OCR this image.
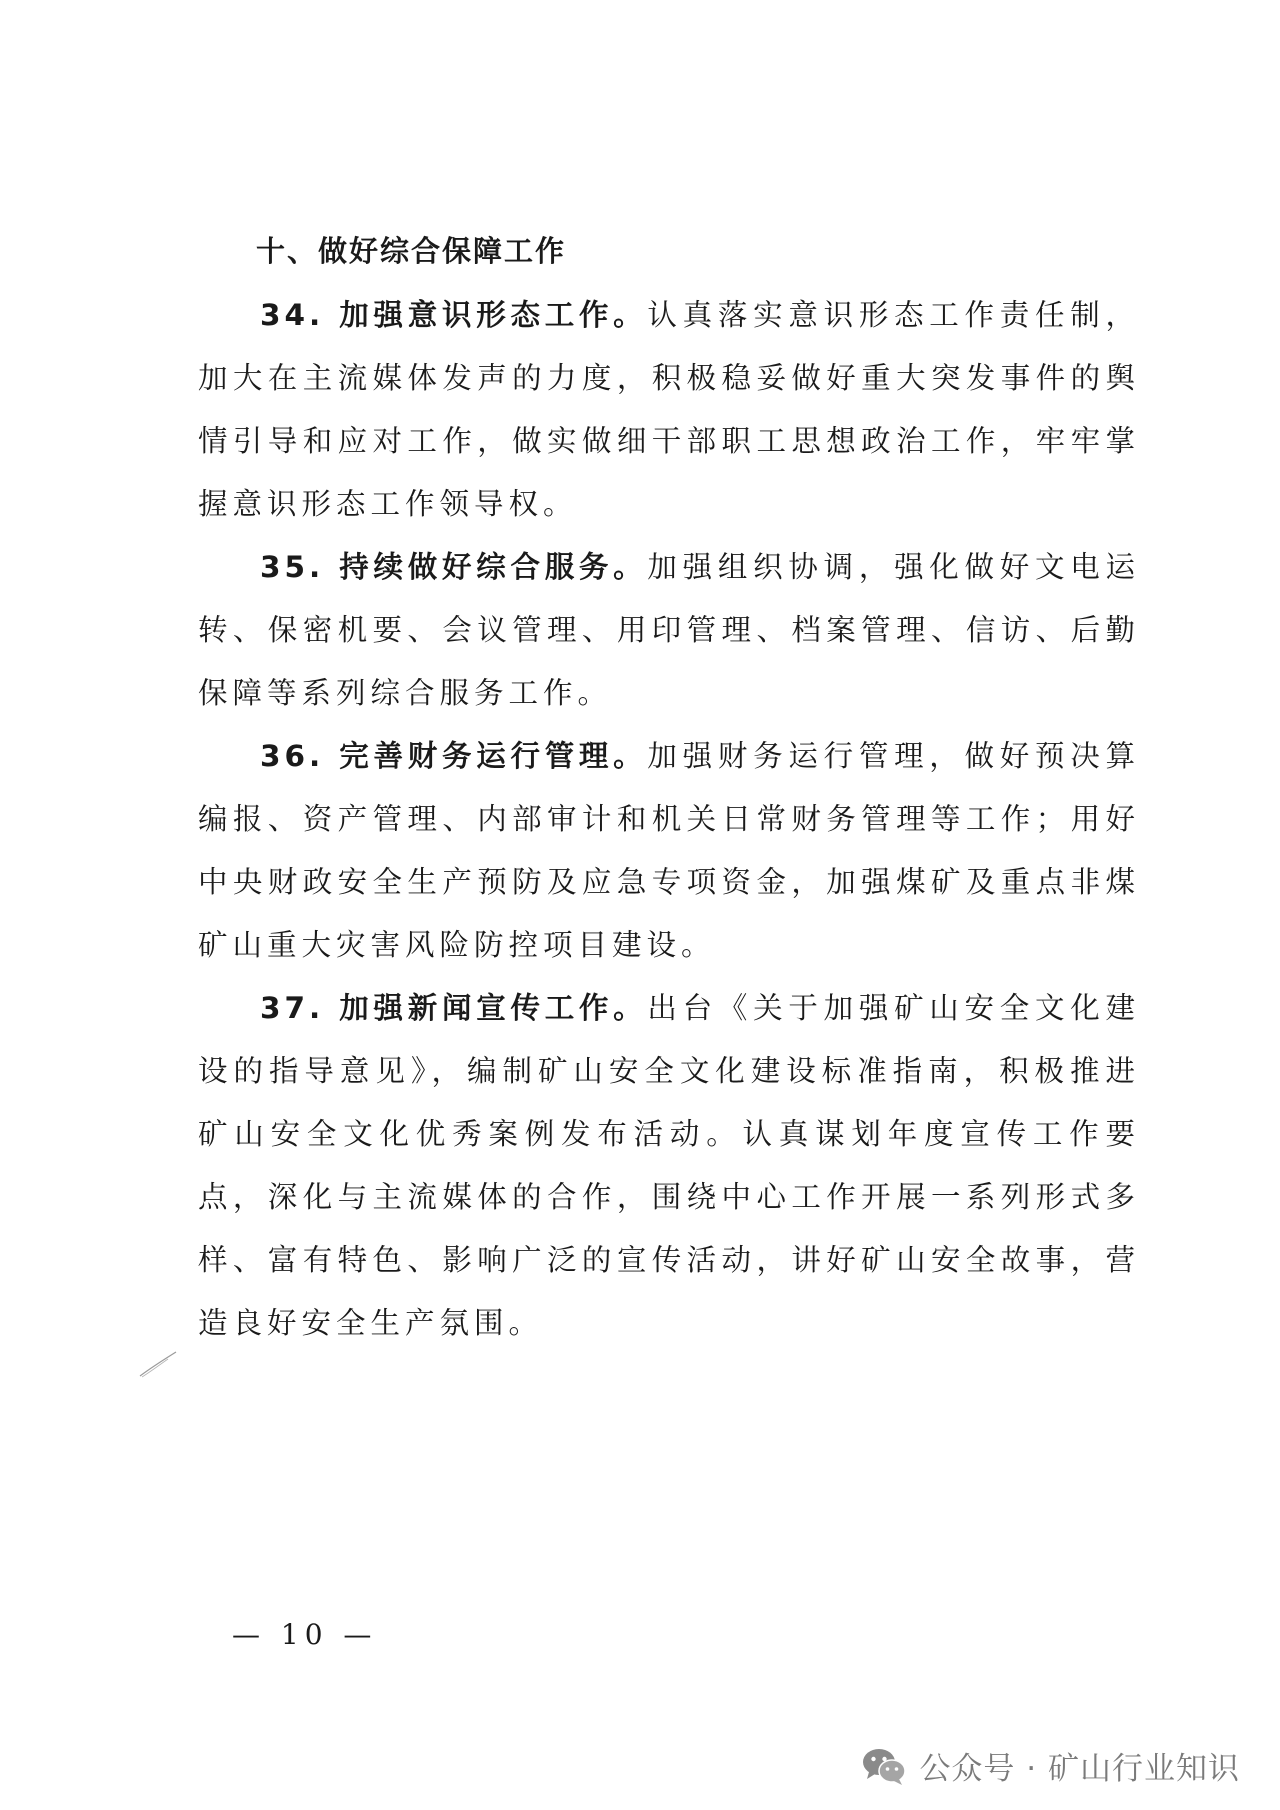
十、做好综合保障工作

34. 加强意识形态工作。认真落实意识形态工作责任制，加大在主流媒体发声的力度，积极稳妥做好重大突发事件的舆情引导和应对工作，做实做细干部职工思想政治工作，牢牢掌握意识形态工作领导权。

35. 持续做好综合服务。加强组织协调，强化做好文电运转、保密机要、会议管理、用印管理、档案管理、信访、后勤保障等系列综合服务工作。

36. 完善财务运行管理。加强财务运行管理，做好预决算编报、资产管理、内部审计和机关日常财务管理等工作；用好中央财政安全生产预防及应急专项资金，加强煤矿及重点非煤矿山重大灾害风险防控项目建设。

37. 加强新闻宣传工作。出台《关于加强矿山安全文化建设的指导意见》，编制矿山安全文化建设标准指南，积极推进矿山安全文化优秀案例发布活动。认真谋划年度宣传工作要点，深化与主流媒体的合作，围绕中心工作开展一系列形式多样、富有特色、影响广泛的宣传活动，讲好矿山安全故事，营造良好安全生产氛围。

— 10 —
公众号 · 矿山行业知识
